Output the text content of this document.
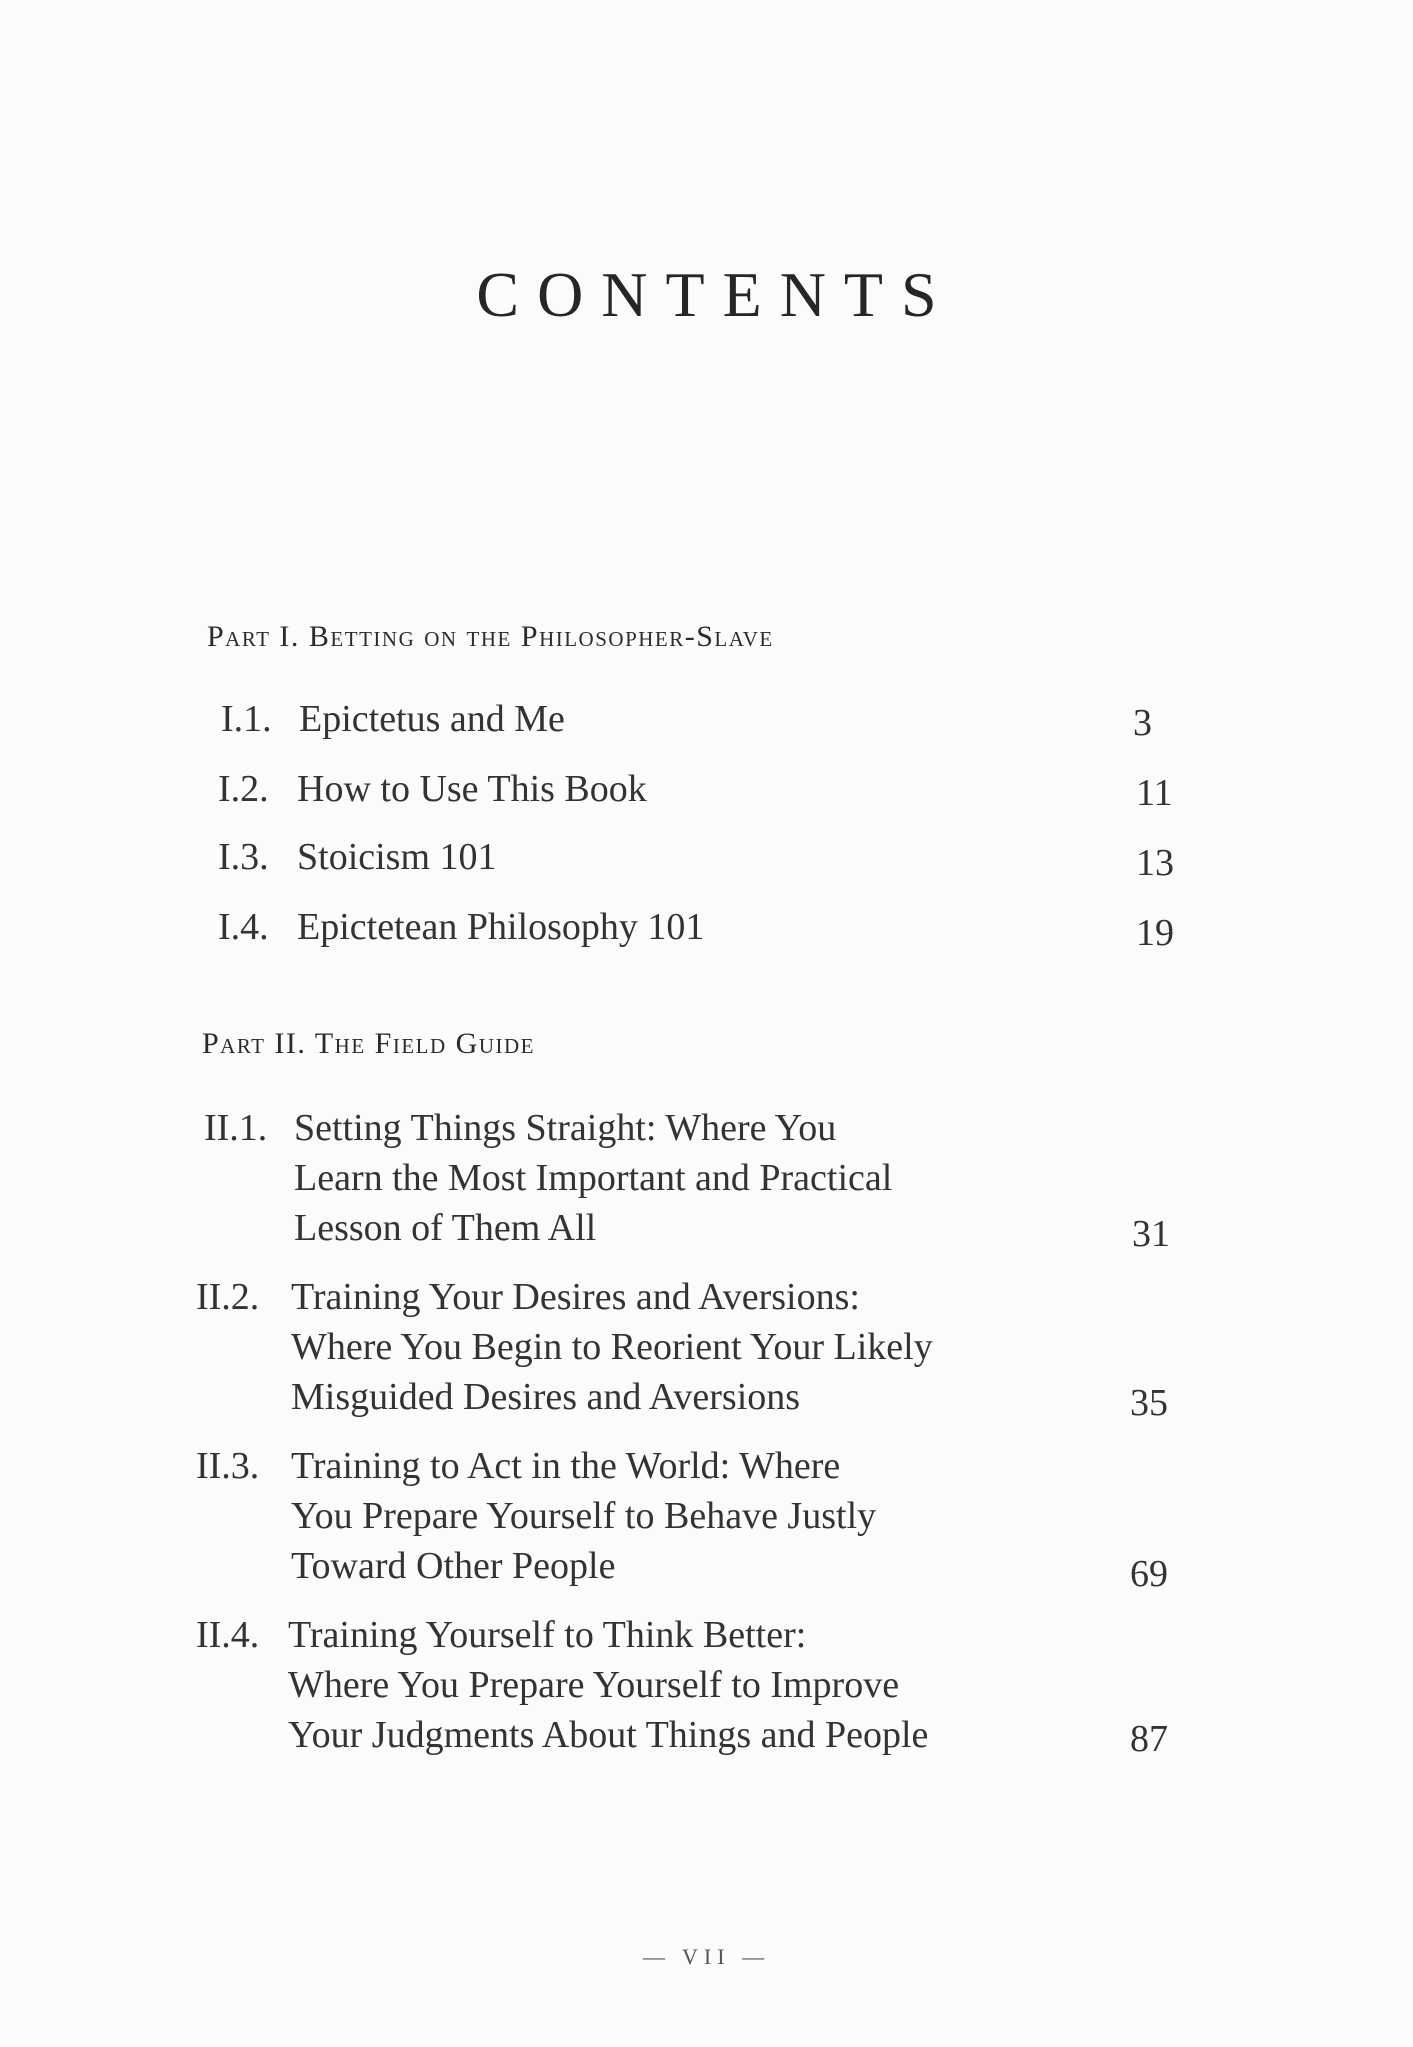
CONTENTS
Part I. Betting on the Philosopher-Slave
I.1. Epictetus and Me	3
I.2. How to Use This Book	11
I.3. Stoicism 101	13
I.4. Epictetean Philosophy 101	19
Part II. The Field Guide
II.1. Setting Things Straight: Where You
Learn the Most Important and Practical
Lesson of Them All	31
II.2. Training Your Desires and Aversions:
Where You Begin to Reorient Your Likely
Misguided Desires and Aversions	35
II.3. Training to Act in the World: Where
You Prepare Yourself to Behave Justly
Toward Other People	69
II.4. Training Yourself to Think Better:
Where You Prepare Yourself to Improve
Your Judgments About Things and People	87
— VII —
